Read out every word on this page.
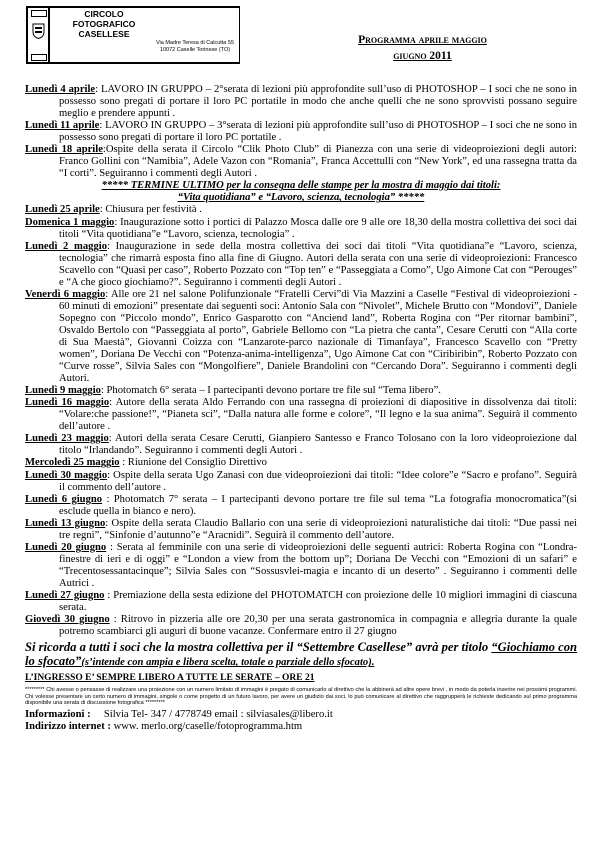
CIRCOLO
FOTOGRAFICO
CASELLESE
Via Madre Teresa di Calcutta 55
10072 Caselle Torinese (TO)
Programma aprile maggio
giugno 2011

Lunedì 4 aprile: LAVORO IN GRUPPO – 2°serata di lezioni più approfondite sull’uso di PHOTOSHOP – I soci che ne sono in possesso sono pregati di portare il loro PC portatile in modo che anche quelli che ne sono sprovvisti possano seguire meglio e prendere appunti .

Lunedì 11 aprile: LAVORO IN GRUPPO – 3°serata di lezioni più approfondite sull’uso di PHOTOSHOP – I soci che ne sono in possesso sono pregati di portare il loro PC portatile .

Lunedì 18 aprile:Ospite della serata il Circolo “Clik Photo Club” di Pianezza con una serie di videoproiezioni degli autori: Franco Gollini con “Namibia”, Adele Vazon con “Romania”, Franca Accettulli con “New York”, ed una rassegna tratta da “I corti”. Seguiranno i commenti degli Autori .

***** TERMINE ULTIMO per la consegna delle stampe per la mostra di maggio dai titoli:

“Vita quotidiana” e “Lavoro, scienza, tecnologia” *****

Lunedì 25 aprile: Chiusura per festività .

Domenica 1 maggio: Inaugurazione sotto i portici di Palazzo Mosca dalle ore 9 alle ore 18,30 della mostra collettiva dei soci dai titoli “Vita quotidiana”e “Lavoro, scienza, tecnologia” .

Lunedì 2 maggio: Inaugurazione in sede della mostra collettiva dei soci dai titoli “Vita quotidiana”e “Lavoro, scienza, tecnologia” che rimarrà esposta fino alla fine di Giugno. Autori della serata con una serie di videoproiezioni: Francesco Scavello con “Quasi per caso”, Roberto Pozzato con “Top ten” e “Passeggiata a Como”, Ugo Aimone Cat con “Perouges” e “A che gioco giochiamo?”. Seguiranno i commenti degli Autori .

Venerdì 6 maggio: Alle ore 21 nel salone Polifunzionale “Fratelli Cervi”di Via Mazzini a Caselle “Festival di videoproiezioni - 60 minuti di emozioni” presentate dai seguenti soci: Antonio Sala con “Nivolet”, Michele Brutto con “Mondovì”, Daniele Sopegno con “Piccolo mondo”, Enrico Gasparotto con “Anciend land”, Roberta Rogina con “Per ritornar bambini”, Osvaldo Bertolo con “Passeggiata al porto”, Gabriele Bellomo con “La pietra che canta”, Cesare Cerutti con “Alla corte di Sua Maestà”, Giovanni Coizza con “Lanzarote-parco nazionale di Timanfaya”, Francesco Scavello con “Pretty women”, Doriana De Vecchi con “Potenza-anima-intelligenza”, Ugo Aimone Cat con “Ciribiribin”, Roberto Pozzato con “Curve rosse”, Silvia Sales con “Mongolfiere”, Daniele Brandolini con “Cercando Dora”. Seguiranno i commenti degli Autori.

Lunedì 9 maggio: Photomatch 6° serata – I partecipanti devono portare tre file sul “Tema libero”.

Lunedì 16 maggio: Autore della serata Aldo Ferrando con una rassegna di proiezioni di diapositive in dissolvenza dai titoli: “Volare:che passione!”, “Pianeta sci”, “Dalla natura alle forme e colore”, “Il legno e la sua anima”. Seguirà il commento dell’autore .

Lunedì 23 maggio: Autori della serata Cesare Cerutti, Gianpiero Santesso e Franco Tolosano con la loro videoproiezione dal titolo “Irlandando”. Seguiranno i commenti degli Autori .

Mercoledì 25 maggio : Riunione del Consiglio Direttivo

Lunedì 30 maggio: Ospite della serata Ugo Zanasi con due videoproiezioni dai titoli: “Idee colore”e “Sacro e profano”. Seguirà il commento dell’autore .

Lunedì 6 giugno : Photomatch 7° serata – I partecipanti devono portare tre file sul tema “La fotografia monocromatica”(si esclude quella in bianco e nero).

Lunedì 13 giugno: Ospite della serata Claudio Ballario con una serie di videoproiezioni naturalistiche dai titoli: “Due passi nei tre regni”, “Sinfonie d’autunno”e “Aracnidi”. Seguirà il commento dell’autore.

Lunedì 20 giugno : Serata al femminile con una serie di videoproiezioni delle seguenti autrici: Roberta Rogina con “Londra-finestre di ieri e di oggi” e “London a view from the bottom up”; Doriana De Vecchi con “Emozioni di un safari” e “Trecentosessantacinque”; Silvia Sales con “Sossusvlei-magia e incanto di un deserto” . Seguiranno i commenti delle Autrici .

Lunedì 27 giugno : Premiazione della sesta edizione del PHOTOMATCH con proiezione delle 10 migliori immagini di ciascuna serata.

Giovedì 30 giugno : Ritrovo in pizzeria alle ore 20,30 per una serata gastronomica in compagnia e allegria durante la quale potremo scambiarci gli auguri di buone vacanze. Confermare entro il 27 giugno

Si ricorda a tutti i soci che la mostra collettiva per il “Settembre Casellese” avrà per titolo “Giochiamo con lo sfocato”(s’intende con ampia e libera scelta, totale o parziale dello sfocato).

L’INGRESSO E’ SEMPRE LIBERO A TUTTE LE SERATE – ORE 21

********* Chi avesse o pensasse di realizzare una proiezione con un numero limitato di immagini è pregato di comunicarlo al direttivo che la abbinerà ad altre opere brevi , in modo da poterla inserire nei prossimi programmi. Chi volesse presentare un certo numero di immagini, singole o come progetto di un futuro lavoro, per avere un giudizio dai soci, lo può comunicare al direttivo che raggrupperà le richieste dedicando sul primo programma disponibile una serata di discussione fotografica *********

Informazioni : Silvia Tel- 347 / 4778749 email : silviasales@libero.it

Indirizzo internet : www. merlo.org/caselle/fotoprogramma.htm
